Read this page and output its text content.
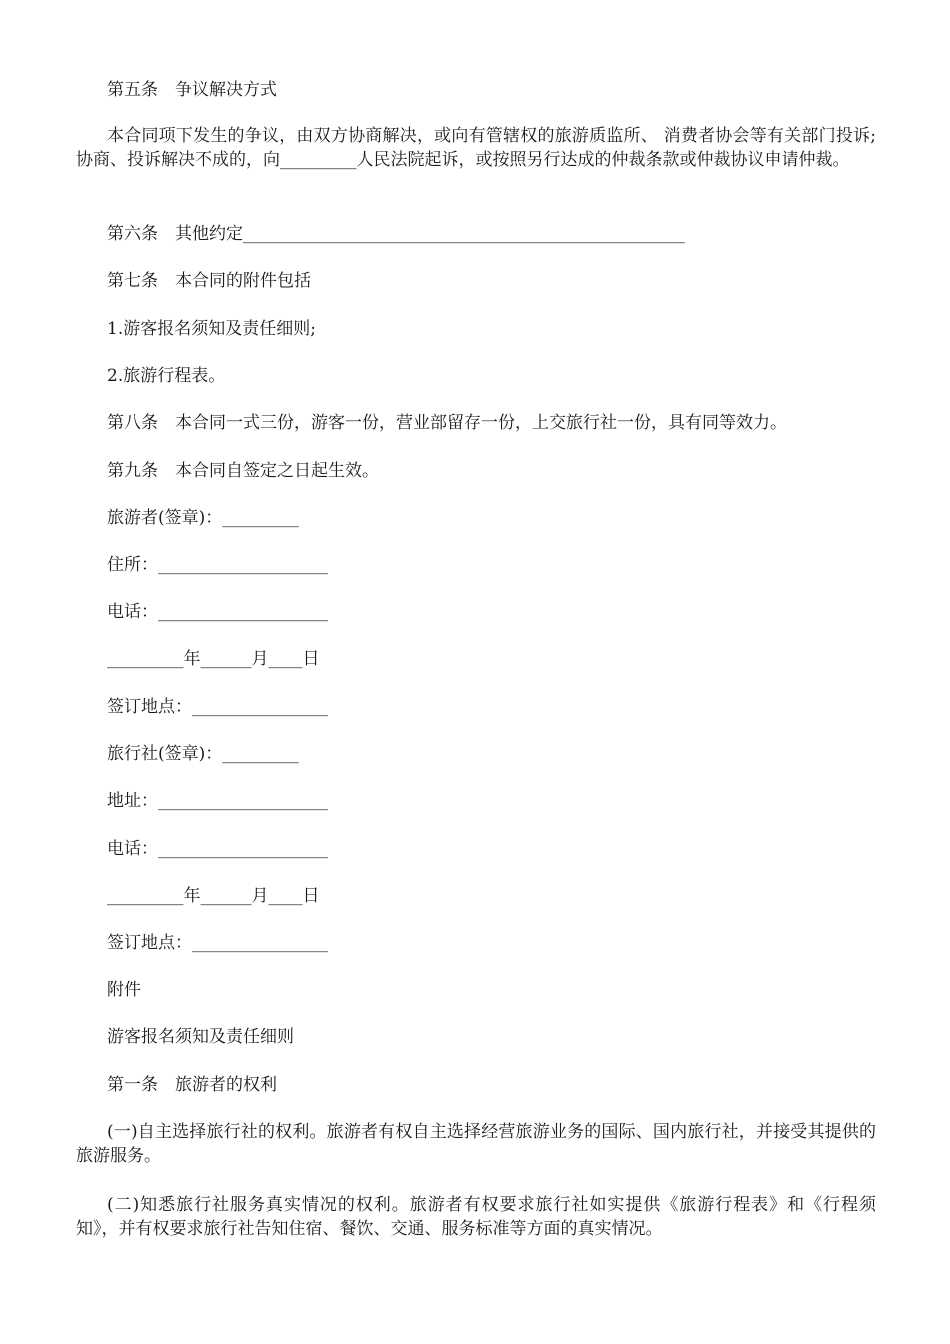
第五条　争议解决方式

本合同项下发生的争议，由双方协商解决，或向有管辖权的旅游质监所、 消费者协会等有关部门投诉;协商、投诉解决不成的，向_________人民法院起诉，或按照另行达成的仲裁条款或仲裁协议申请仲裁。

第六条　其他约定____________________________________________________

第七条　本合同的附件包括

1.游客报名须知及责任细则;

2.旅游行程表。

第八条　本合同一式三份，游客一份，营业部留存一份，上交旅行社一份，具有同等效力。

第九条　本合同自签定之日起生效。

旅游者(签章)：_________

住所：____________________

电话：____________________

_________年______月____日

签订地点：________________

旅行社(签章)：_________

地址：____________________

电话：____________________

_________年______月____日

签订地点：________________

附件

游客报名须知及责任细则

第一条　旅游者的权利

(一)自主选择旅行社的权利。旅游者有权自主选择经营旅游业务的国际、国内旅行社，并接受其提供的旅游服务。

(二)知悉旅行社服务真实情况的权利。旅游者有权要求旅行社如实提供《旅游行程表》和《行程须知》，并有权要求旅行社告知住宿、餐饮、交通、服务标准等方面的真实情况。
